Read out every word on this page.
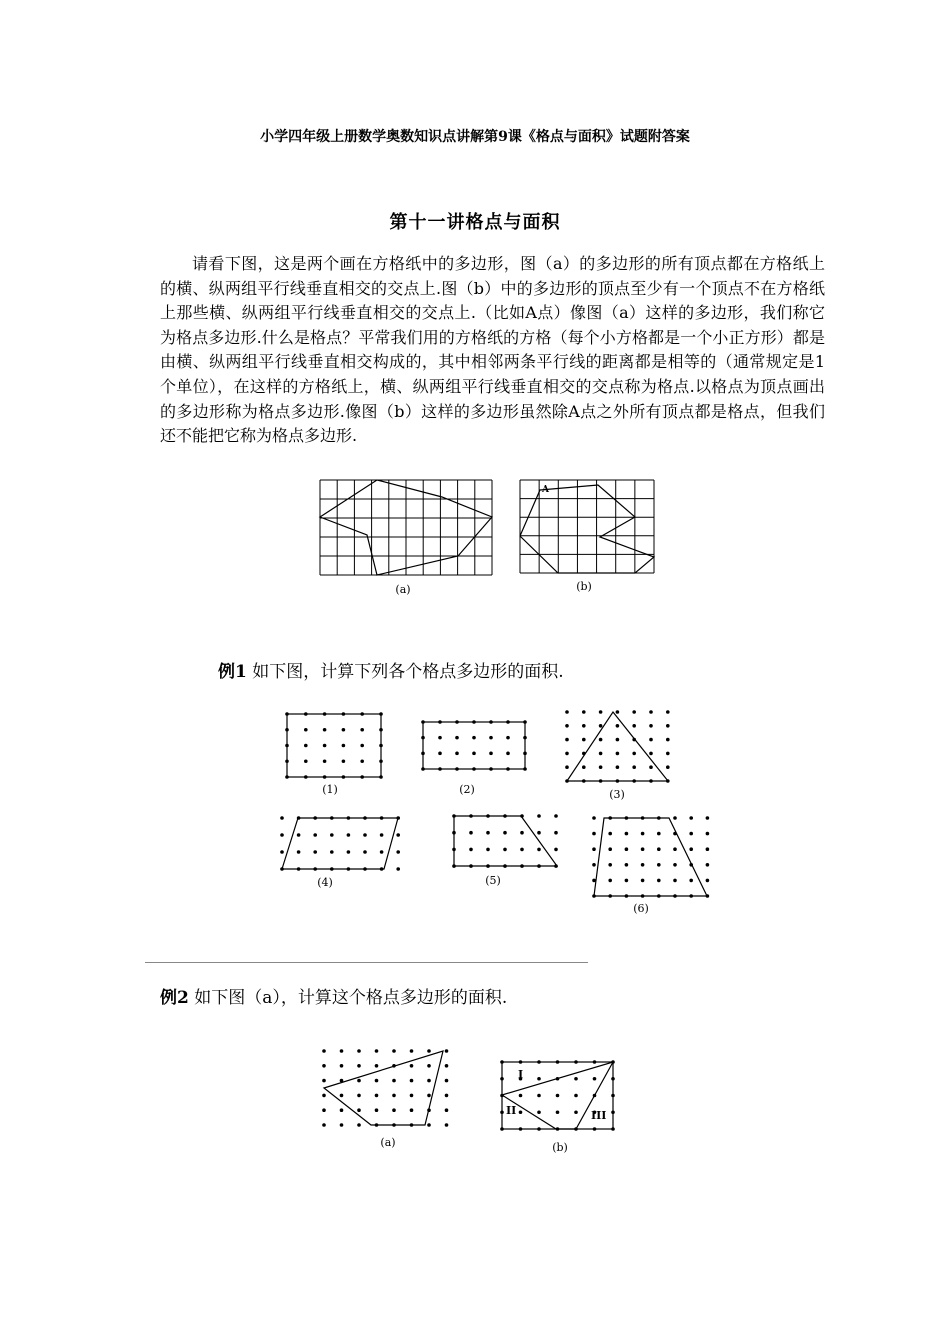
小学四年级上册数学奥数知识点讲解第9课《格点与面积》试题附答案
第十一讲格点与面积

请看下图，这是两个画在方格纸中的多边形，图（a）的多边形的所有顶点都在方格纸上的横、纵两组平行线垂直相交的交点上.图（b）中的多边形的顶点至少有一个顶点不在方格纸上那些横、纵两组平行线垂直相交的交点上.（比如A点）像图（a）这样的多边形，我们称它为格点多边形.什么是格点？平常我们用的方格纸的方格（每个小方格都是一个小正方形）都是由横、纵两组平行线垂直相交构成的，其中相邻两条平行线的距离都是相等的（通常规定是1个单位），在这样的方格纸上，横、纵两组平行线垂直相交的交点称为格点.以格点为顶点画出的多边形称为格点多边形.像图（b）这样的多边形虽然除A点之外所有顶点都是格点，但我们还不能把它称为格点多边形.

(a)
A
(b)
例1 如下图，计算下列各个格点多边形的面积.
(1)	(2)	(3)
(4)	(5)
(6)
例2 如下图（a），计算这个格点多边形的面积.
(a)
I
II	III
(b)
